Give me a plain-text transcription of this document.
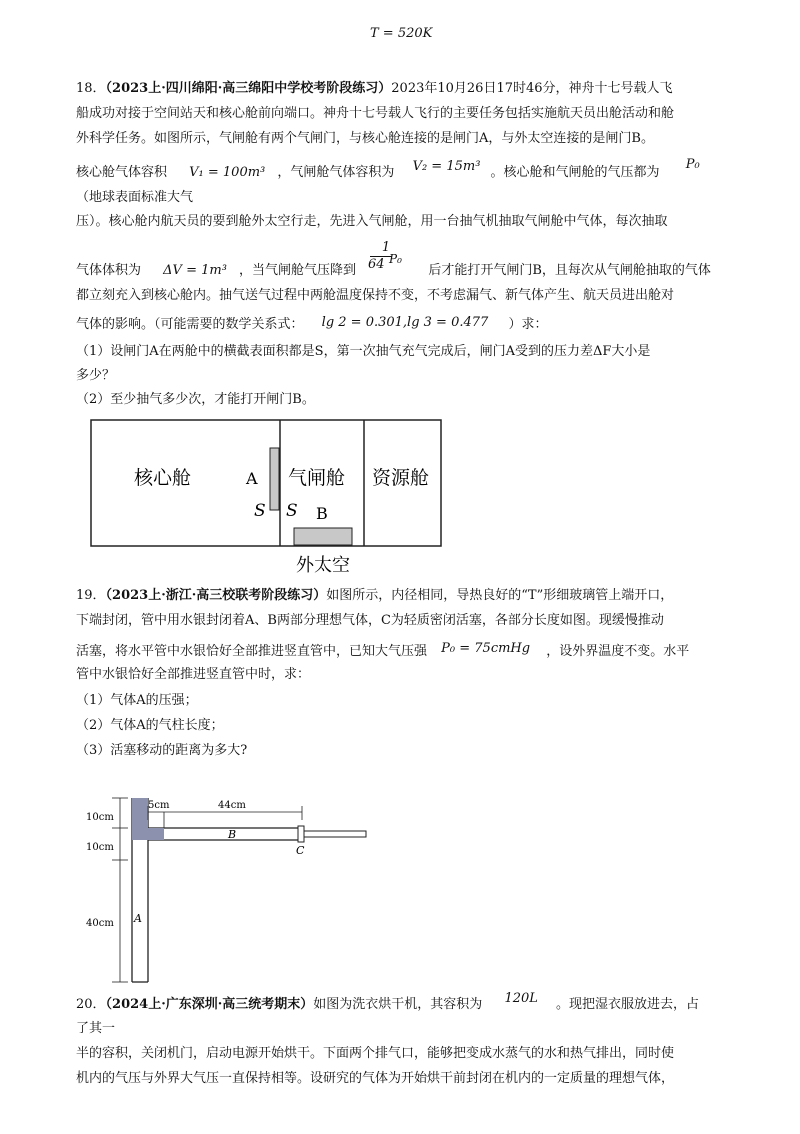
T = 520K
18．（2023上·四川绵阳·高三绵阳中学校考阶段练习）2023年10月26日17时46分，神舟十七号载人飞
船成功对接于空间站天和核心舱前向端口。神舟十七号载人飞行的主要任务包括实施航天员出舱活动和舱
外科学任务。如图所示，气闸舱有两个气闸门，与核心舱连接的是闸门A，与外太空连接的是闸门B。
核心舱气体容积 V₁ = 100m³ ，气闸舱气体容积为 V₂ = 15m³ 。核心舱和气闸舱的气压都为 P₀
（地球表面标准大气
压）。核心舱内航天员的要到舱外太空行走，先进入气闸舱，用一台抽气机抽取气闸舱中气体，每次抽取
气体体积为 ΔV = 1m³ ，当气闸舱气压降到	后才能打开气闸门B，且每次从气闸舱抽取的气体
1
64 P₀
都立刻充入到核心舱内。抽气送气过程中两舱温度保持不变，不考虑漏气、新气体产生、航天员进出舱对
气体的影响。（可能需要的数学关系式： lg 2 = 0.301,lg 3 = 0.477 ）求：
（1）设闸门A在两舱中的横截表面积都是S，第一次抽气充气完成后，闸门A受到的压力差ΔF大小是
多少？
（2）至少抽气多少次，才能打开闸门B。
核心舱	A 气闸舱 资源舱
S S B
外太空
19．（2023上·浙江·高三校联考阶段练习）如图所示，内径相同，导热良好的“T”形细玻璃管上端开口，
下端封闭，管中用水银封闭着A、B两部分理想气体，C为轻质密闭活塞，各部分长度如图。现缓慢推动
活塞，将水平管中水银恰好全部推进竖直管中，已知大气压强 P₀ = 75cmHg ，设外界温度不变。水平
管中水银恰好全部推进竖直管中时，求：
（1）气体A的压强；
（2）气体A的气柱长度；
（3）活塞移动的距离为多大?
10cm
10cm
40cm
5cm	44cm
A
B
C
20．（2024上·广东深圳·高三统考期末）如图为洗衣烘干机，其容积为 120L 。现把湿衣服放进去，占
了其一
半的容积，关闭机门，启动电源开始烘干。下面两个排气口，能够把变成水蒸气的水和热气排出，同时使
机内的气压与外界大气压一直保持相等。设研究的气体为开始烘干前封闭在机内的一定质量的理想气体，
